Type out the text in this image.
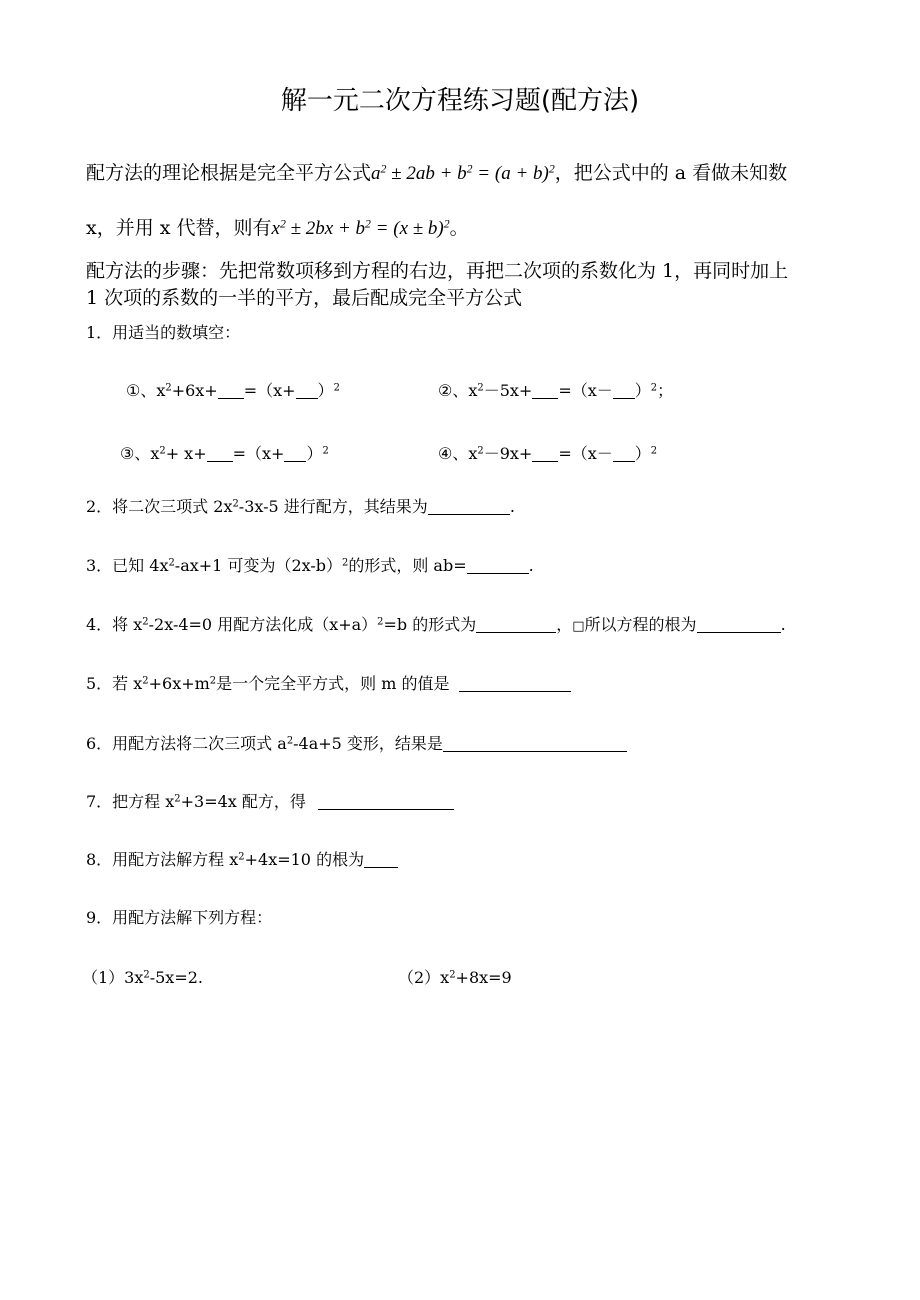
解一元二次方程练习题(配方法)
配方法的理论根据是完全平方公式$a^2 \pm 2ab + b^2 = (a + b)^2$，把公式中的 a 看做未知数
x，并用 x 代替，则有$x^2 \pm 2bx + b^2 = (x \pm b)^2$。
配方法的步骤：先把常数项移到方程的右边，再把二次项的系数化为 1，再同时加上
1 次项的系数的一半的平方，最后配成完全平方公式
1．用适当的数填空：
①、$x^2+6x+ =(x+ )^2$	②、$x^2-5x+ =(x- )^2$；
③、$x^2+ x+ =(x+ )^2$	④、$x^2-9x+ =(x- )^2$
2．将二次三项式 $2x^2-3x-5$ 进行配方，其结果为	.
3．已知 $4x^2-ax+1$ 可变为$(2x-b)^2$的形式，则 ab=	.
4．将 $x^2-2x-4=0$ 用配方法化成$(x+a)^2=b$ 的形式为	，□所以方程的根为	.
5．若 $x^2+6x+m^2$是一个完全平方式，则 m 的值是
6．用配方法将二次三项式 $a^2-4a+5$ 变形，结果是
7．把方程 $x^2+3=4x$ 配方，得
8．用配方法解方程 $x^2+4x=10$ 的根为
9．用配方法解下列方程：
$(1)3x^2-5x=2$.	$(2)x^2+8x=9$
